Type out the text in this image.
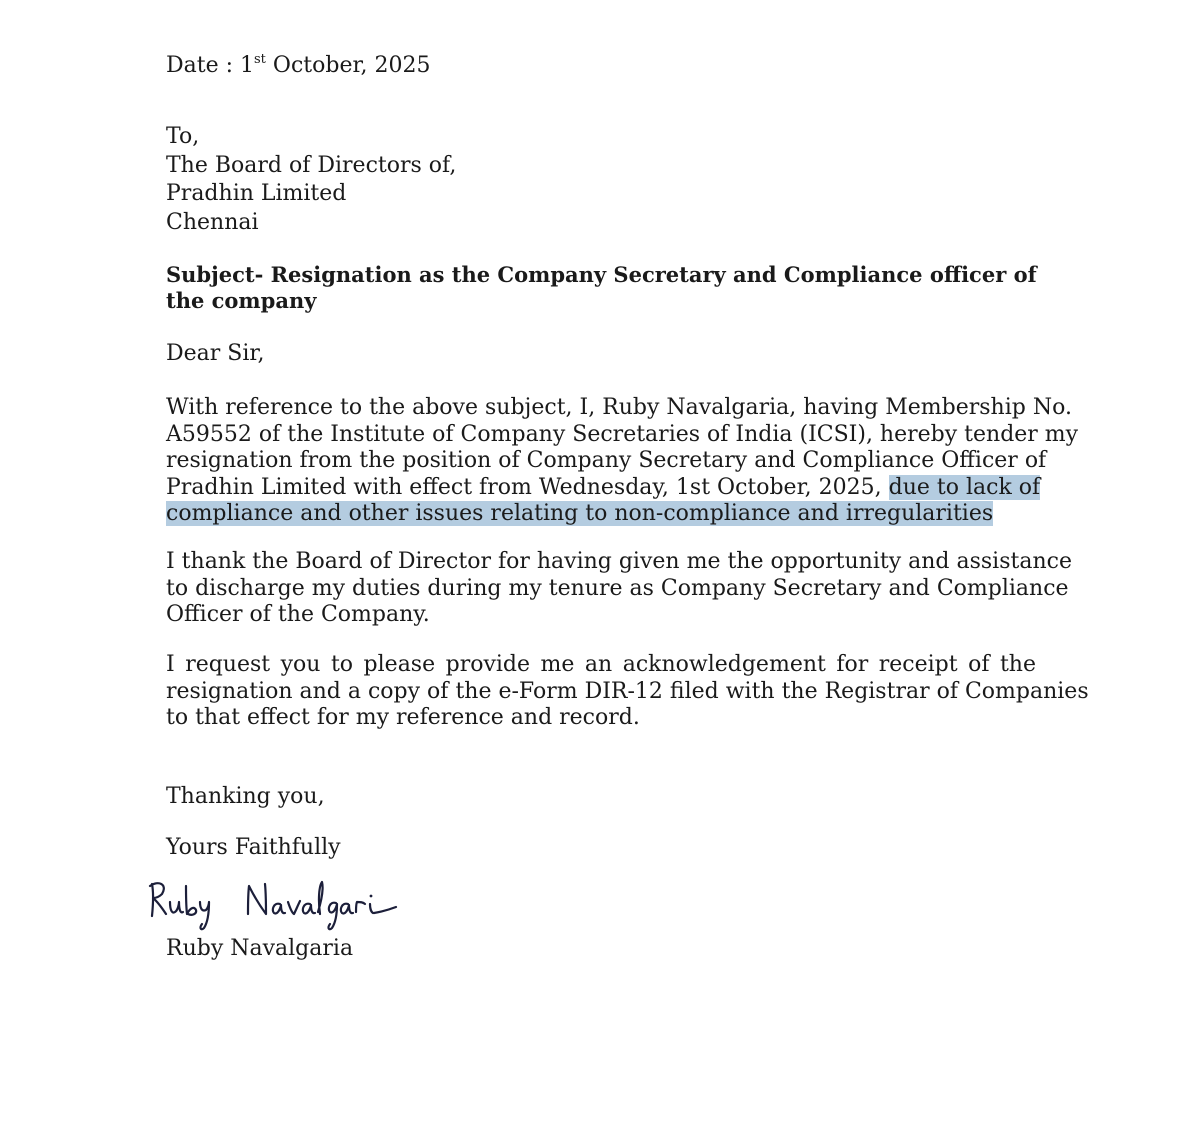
Date : 1st October, 2025
To,
The Board of Directors of,
Pradhin Limited
Chennai
Subject- Resignation as the Company Secretary and Compliance officer of
the company
Dear Sir,
With reference to the above subject, I, Ruby Navalgaria, having Membership No.
A59552 of the Institute of Company Secretaries of India (ICSI), hereby tender my
resignation from the position of Company Secretary and Compliance Officer of
Pradhin Limited with effect from Wednesday, 1st October, 2025, due to lack of
compliance and other issues relating to non-compliance and irregularities
I thank the Board of Director for having given me the opportunity and assistance
to discharge my duties during my tenure as Company Secretary and Compliance
Officer of the Company.
I request you to please provide me an acknowledgement for receipt of the
resignation and a copy of the e-Form DIR-12 filed with the Registrar of Companies
to that effect for my reference and record.
Thanking you,
Yours Faithfully
Ruby Navalgaria
Ruby Navalgaria
